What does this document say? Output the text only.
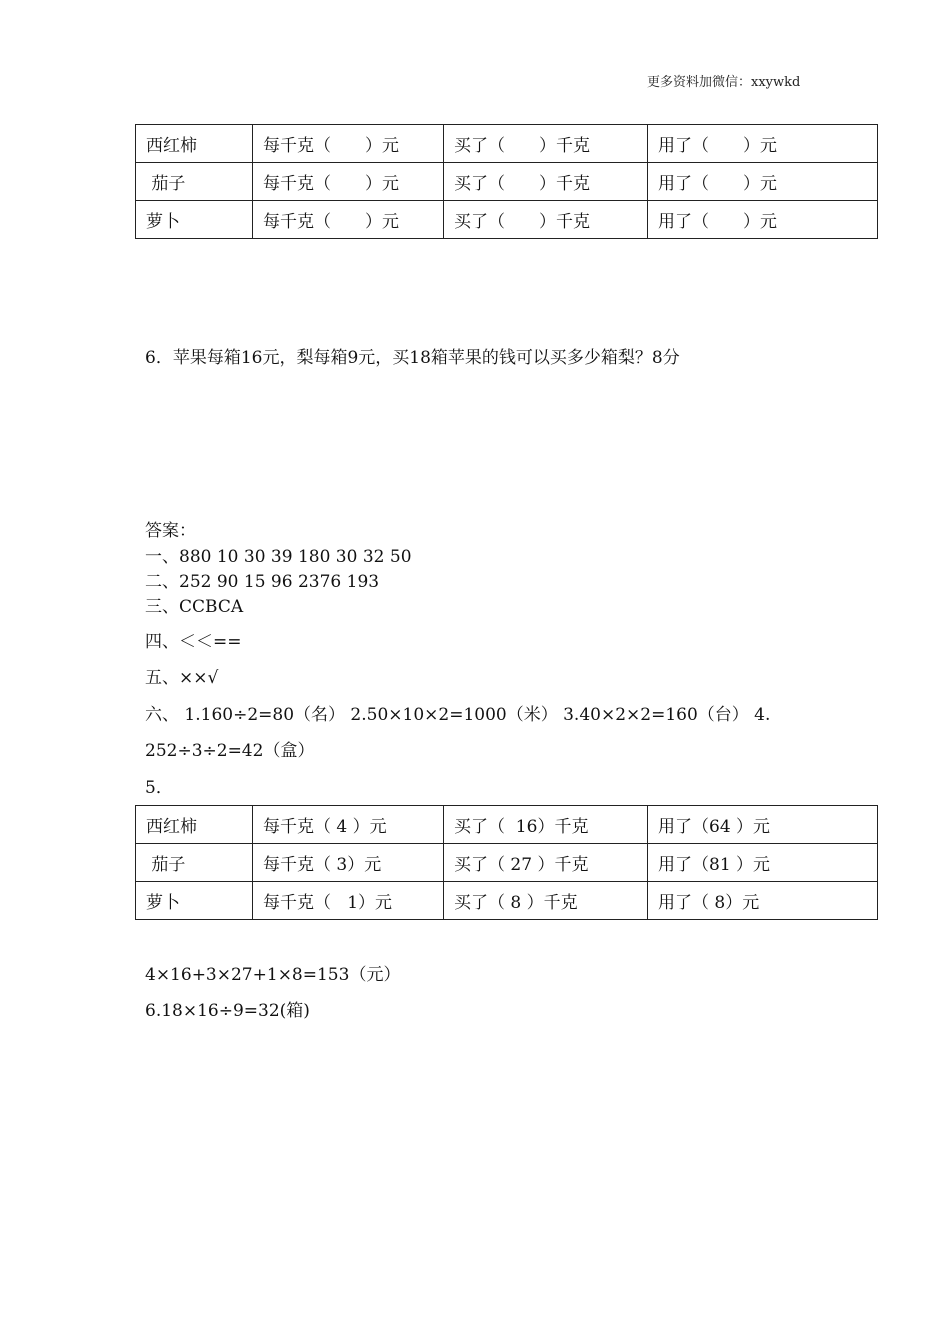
更多资料加微信：xxywkd
西红柿	每千克（　　）元	买了（　　）千克	用了（　　）元
茄子	每千克（　　）元	买了（　　）千克	用了（　　）元
萝卜	每千克（　　）元	买了（　　）千克	用了（　　）元
6．苹果每箱16元，梨每箱9元，买18箱苹果的钱可以买多少箱梨？8分
答案：
一、880 10 30 39 180 30 32 50
二、252 90 15 96 2376 193
三、CCBCA
四、＜＜==
五、××√
六、 1.160÷2=80（名） 2.50×10×2=1000（米） 3.40×2×2=160（台） 4.
252÷3÷2=42（盒）
5．
西红柿	每千克（ 4 ）元	买了（  16）千克	用了（64 ）元
茄子	每千克（ 3）元	买了（ 27 ）千克	用了（81 ）元
萝卜	每千克（   1）元	买了（ 8 ）千克	用了（ 8）元
4×16+3×27+1×8=153（元）
6.18×16÷9=32(箱)
